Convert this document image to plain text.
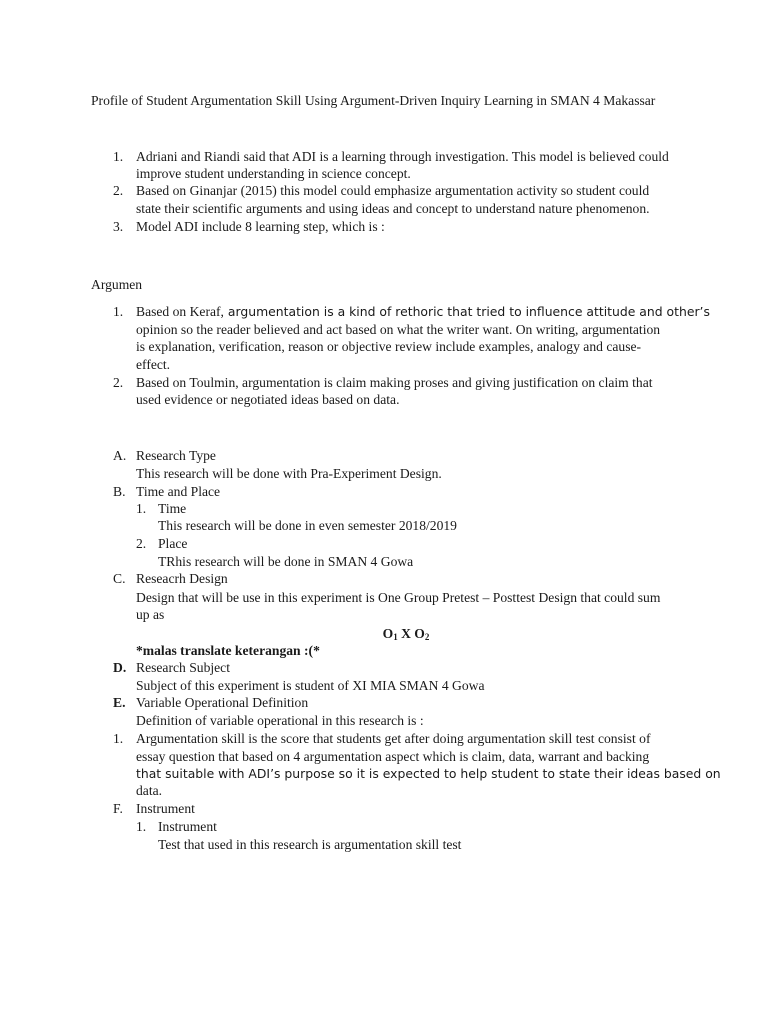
Profile of Student Argumentation Skill Using Argument-Driven Inquiry Learning in SMAN 4 Makassar
1. Adriani and Riandi said that ADI is a learning through investigation. This model is believed could
improve student understanding in science concept.
2. Based on Ginanjar (2015) this model could emphasize argumentation activity so student could
state their scientific arguments and using ideas and concept to understand nature phenomenon.
3. Model ADI include 8 learning step, which is :
Argumen
1. Based on Keraf, argumentation is a kind of rethoric that tried to influence attitude and other’s
opinion so the reader believed and act based on what the writer want. On writing, argumentation
is explanation, verification, reason or objective review include examples, analogy and cause-
effect.
2. Based on Toulmin, argumentation is claim making proses and giving justification on claim that
used evidence or negotiated ideas based on data.
A. Research Type
This research will be done with Pra-Experiment Design.
B. Time and Place
1. Time
This research will be done in even semester 2018/2019
2. Place
TRhis research will be done in SMAN 4 Gowa
C. Reseacrh Design
Design that will be use in this experiment is One Group Pretest – Posttest Design that could sum
up as
$O_1$ X $O_2$
*malas translate keterangan :(*
D. Research Subject
Subject of this experiment is student of XI MIA SMAN 4 Gowa
E. Variable Operational Definition
Definition of variable operational in this research is :
1. Argumentation skill is the score that students get after doing argumentation skill test consist of
essay question that based on 4 argumentation aspect which is claim, data, warrant and backing
that suitable with ADI’s purpose so it is expected to help student to state their ideas based on
data.
F. Instrument
1. Instrument
Test that used in this research is argumentation skill test
